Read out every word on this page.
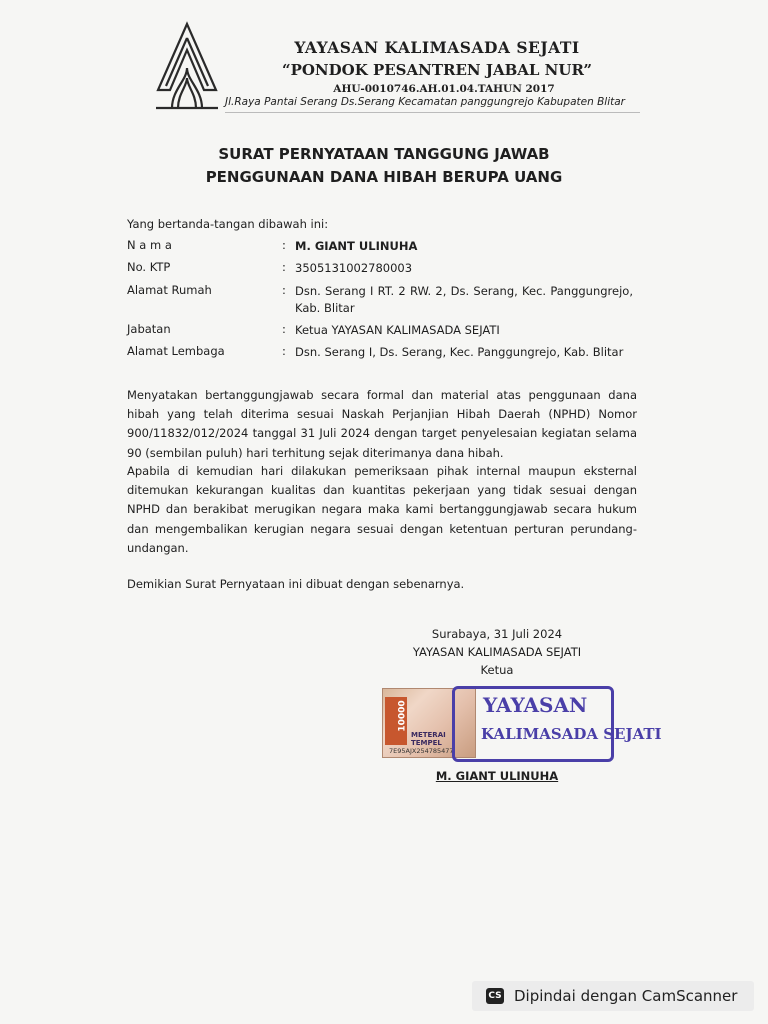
YAYASAN KALIMASADA SEJATI
“PONDOK PESANTREN JABAL NUR”
AHU-0010746.AH.01.04.TAHUN 2017
Jl.Raya Pantai Serang Ds.Serang Kecamatan panggungrejo Kabupaten Blitar
SURAT PERNYATAAN TANGGUNG JAWAB
PENGGUNAAN DANA HIBAH BERUPA UANG
Yang bertanda-tangan dibawah ini:
N a m a	: M. GIANT ULINUHA
No. KTP	: 3505131002780003
Alamat Rumah	: Dsn. Serang I RT. 2 RW. 2, Ds. Serang, Kec. Panggungrejo, Kab. Blitar
Jabatan	: Ketua YAYASAN KALIMASADA SEJATI
Alamat Lembaga	: Dsn. Serang I, Ds. Serang, Kec. Panggungrejo, Kab. Blitar
Menyatakan bertanggungjawab secara formal dan material atas penggunaan dana hibah yang telah diterima sesuai Naskah Perjanjian Hibah Daerah (NPHD) Nomor 900/11832/012/2024 tanggal 31 Juli 2024 dengan target penyelesaian kegiatan selama 90 (sembilan puluh) hari terhitung sejak diterimanya dana hibah.
Apabila di kemudian hari dilakukan pemeriksaan pihak internal maupun eksternal ditemukan kekurangan kualitas dan kuantitas pekerjaan yang tidak sesuai dengan NPHD dan berakibat merugikan negara maka kami bertanggungjawab secara hukum dan mengembalikan kerugian negara sesuai dengan ketentuan perturan perundang-undangan.
Demikian Surat Pernyataan ini dibuat dengan sebenarnya.
Surabaya, 31 Juli 2024
YAYASAN KALIMASADA SEJATI
Ketua
10000
METERAI TEMPEL
7E95AJX254785477
YAYASAN
KALIMASADA SEJATI
M. GIANT ULINUHA
CS Dipindai dengan CamScanner
